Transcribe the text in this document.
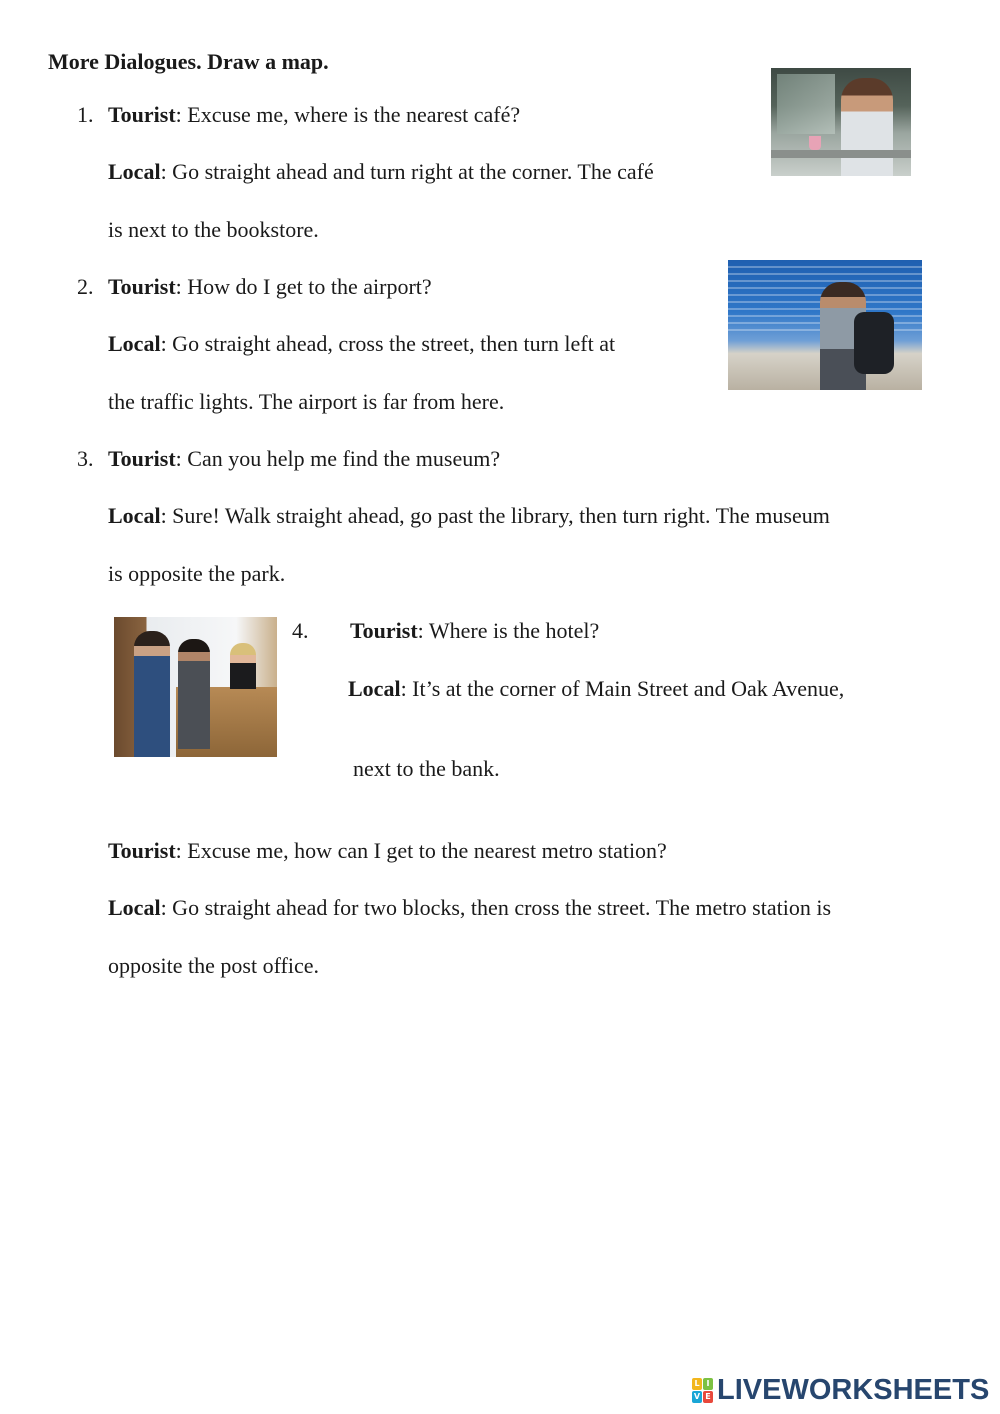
More Dialogues. Draw a map.
1. Tourist: Excuse me, where is the nearest café?
Local: Go straight ahead and turn right at the corner. The café
is next to the bookstore.
2. Tourist: How do I get to the airport?
Local: Go straight ahead, cross the street, then turn left at
the traffic lights. The airport is far from here.
3. Tourist: Can you help me find the museum?
Local: Sure! Walk straight ahead, go past the library, then turn right. The museum
is opposite the park.
4. Tourist: Where is the hotel?
Local: It’s at the corner of Main Street and Oak Avenue,
next to the bank.
Tourist: Excuse me, how can I get to the nearest metro station?
Local: Go straight ahead for two blocks, then cross the street. The metro station is
opposite the post office.
L I
V E LIVEWORKSHEETS
